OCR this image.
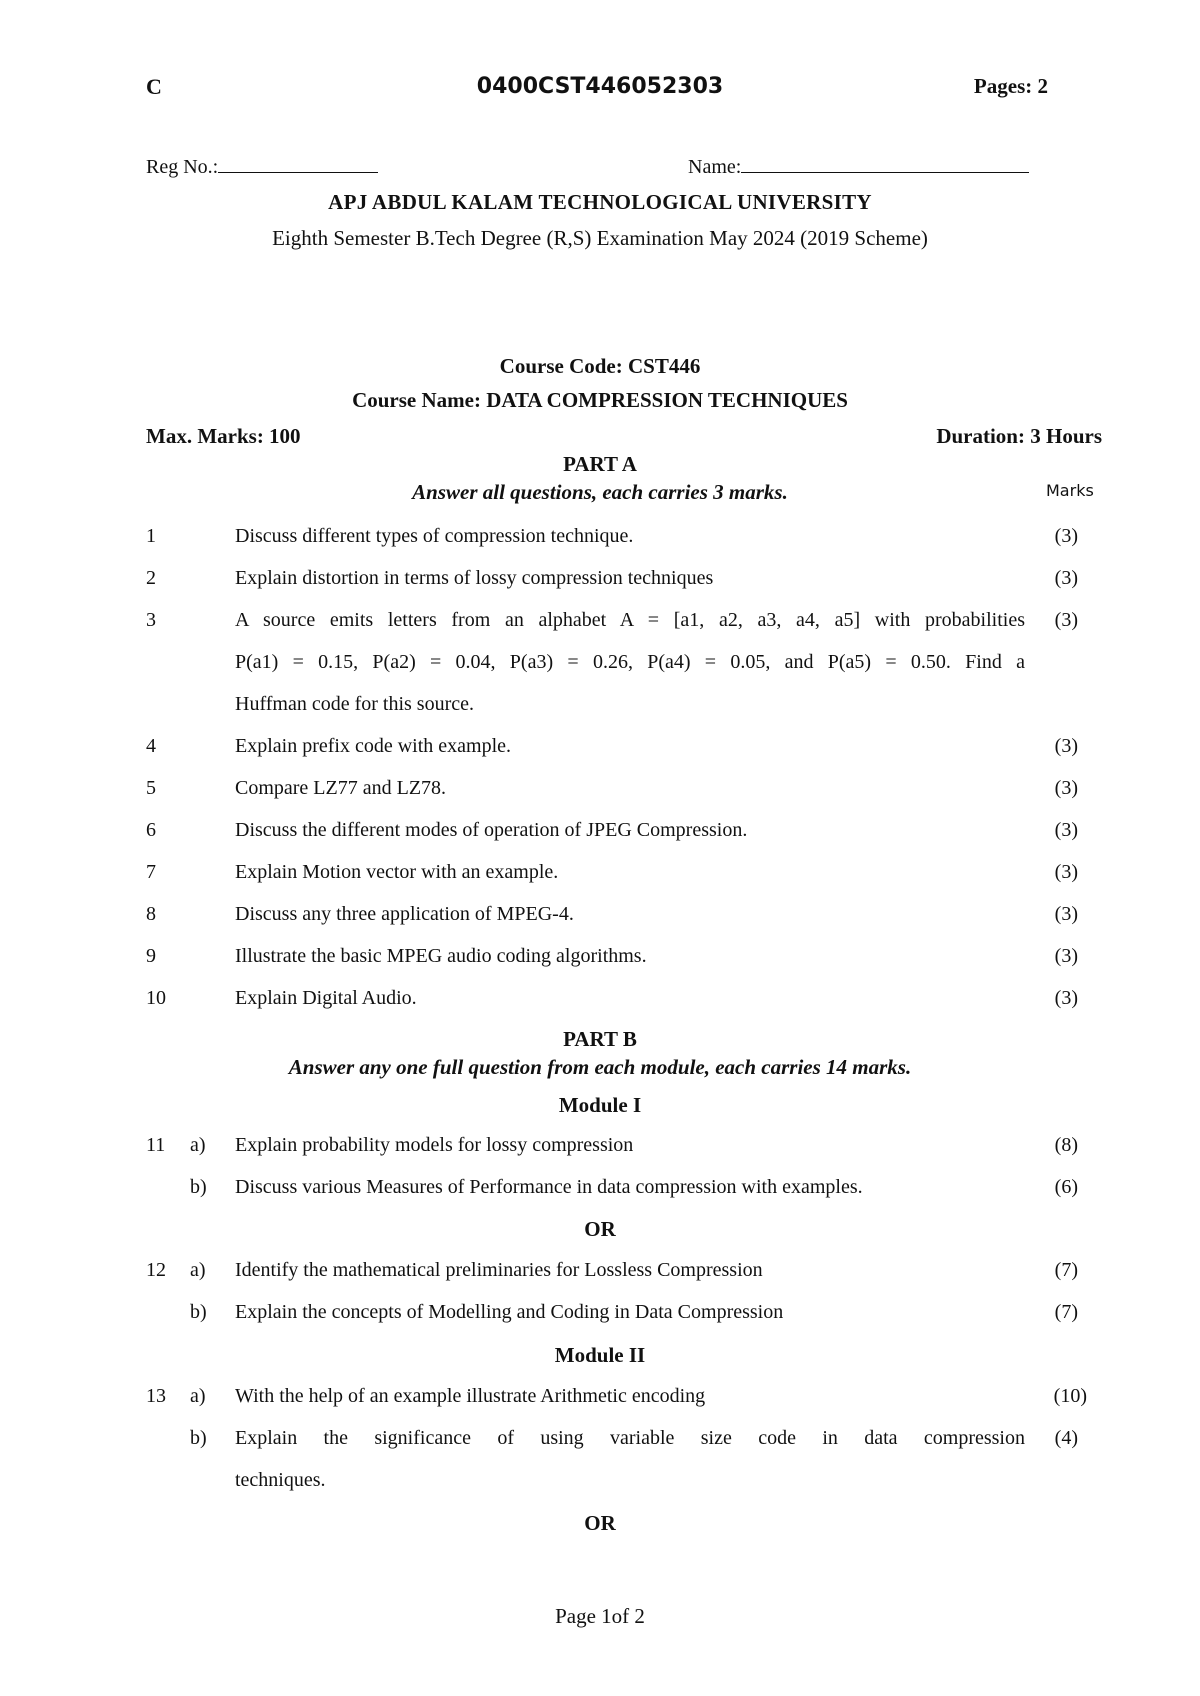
C	0400CST446052303	Pages: 2
Reg No.:	Name:
APJ ABDUL KALAM TECHNOLOGICAL UNIVERSITY
Eighth Semester B.Tech Degree (R,S) Examination May 2024 (2019 Scheme)
Course Code: CST446
Course Name: DATA COMPRESSION TECHNIQUES
Max. Marks: 100	Duration: 3 Hours
PART A
Answer all questions, each carries 3 marks.	Marks
1	Discuss different types of compression technique.	(3)
2	Explain distortion in terms of lossy compression techniques	(3)
3	A source emits letters from an alphabet A = [a1, a2, a3, a4, a5] with probabilities (3)
P(a1) = 0.15, P(a2) = 0.04, P(a3) = 0.26, P(a4) = 0.05, and P(a5) = 0.50. Find a
Huffman code for this source.
4	Explain prefix code with example.	(3)
5	Compare LZ77 and LZ78.	(3)
6	Discuss the different modes of operation of JPEG Compression.	(3)
7	Explain Motion vector with an example.	(3)
8	Discuss any three application of MPEG-4.	(3)
9	Illustrate the basic MPEG audio coding algorithms.	(3)
10	Explain Digital Audio.	(3)
PART B
Answer any one full question from each module, each carries 14 marks.
Module I
11 a) Explain probability models for lossy compression	(8)
b) Discuss various Measures of Performance in data compression with examples.	(6)
OR
12 a) Identify the mathematical preliminaries for Lossless Compression	(7)
b) Explain the concepts of Modelling and Coding in Data Compression	(7)
Module II
13 a) With the help of an example illustrate Arithmetic encoding	(10)
b) Explain the significance of using variable size code in data compression (4)
techniques.
OR
Page 1of 2
